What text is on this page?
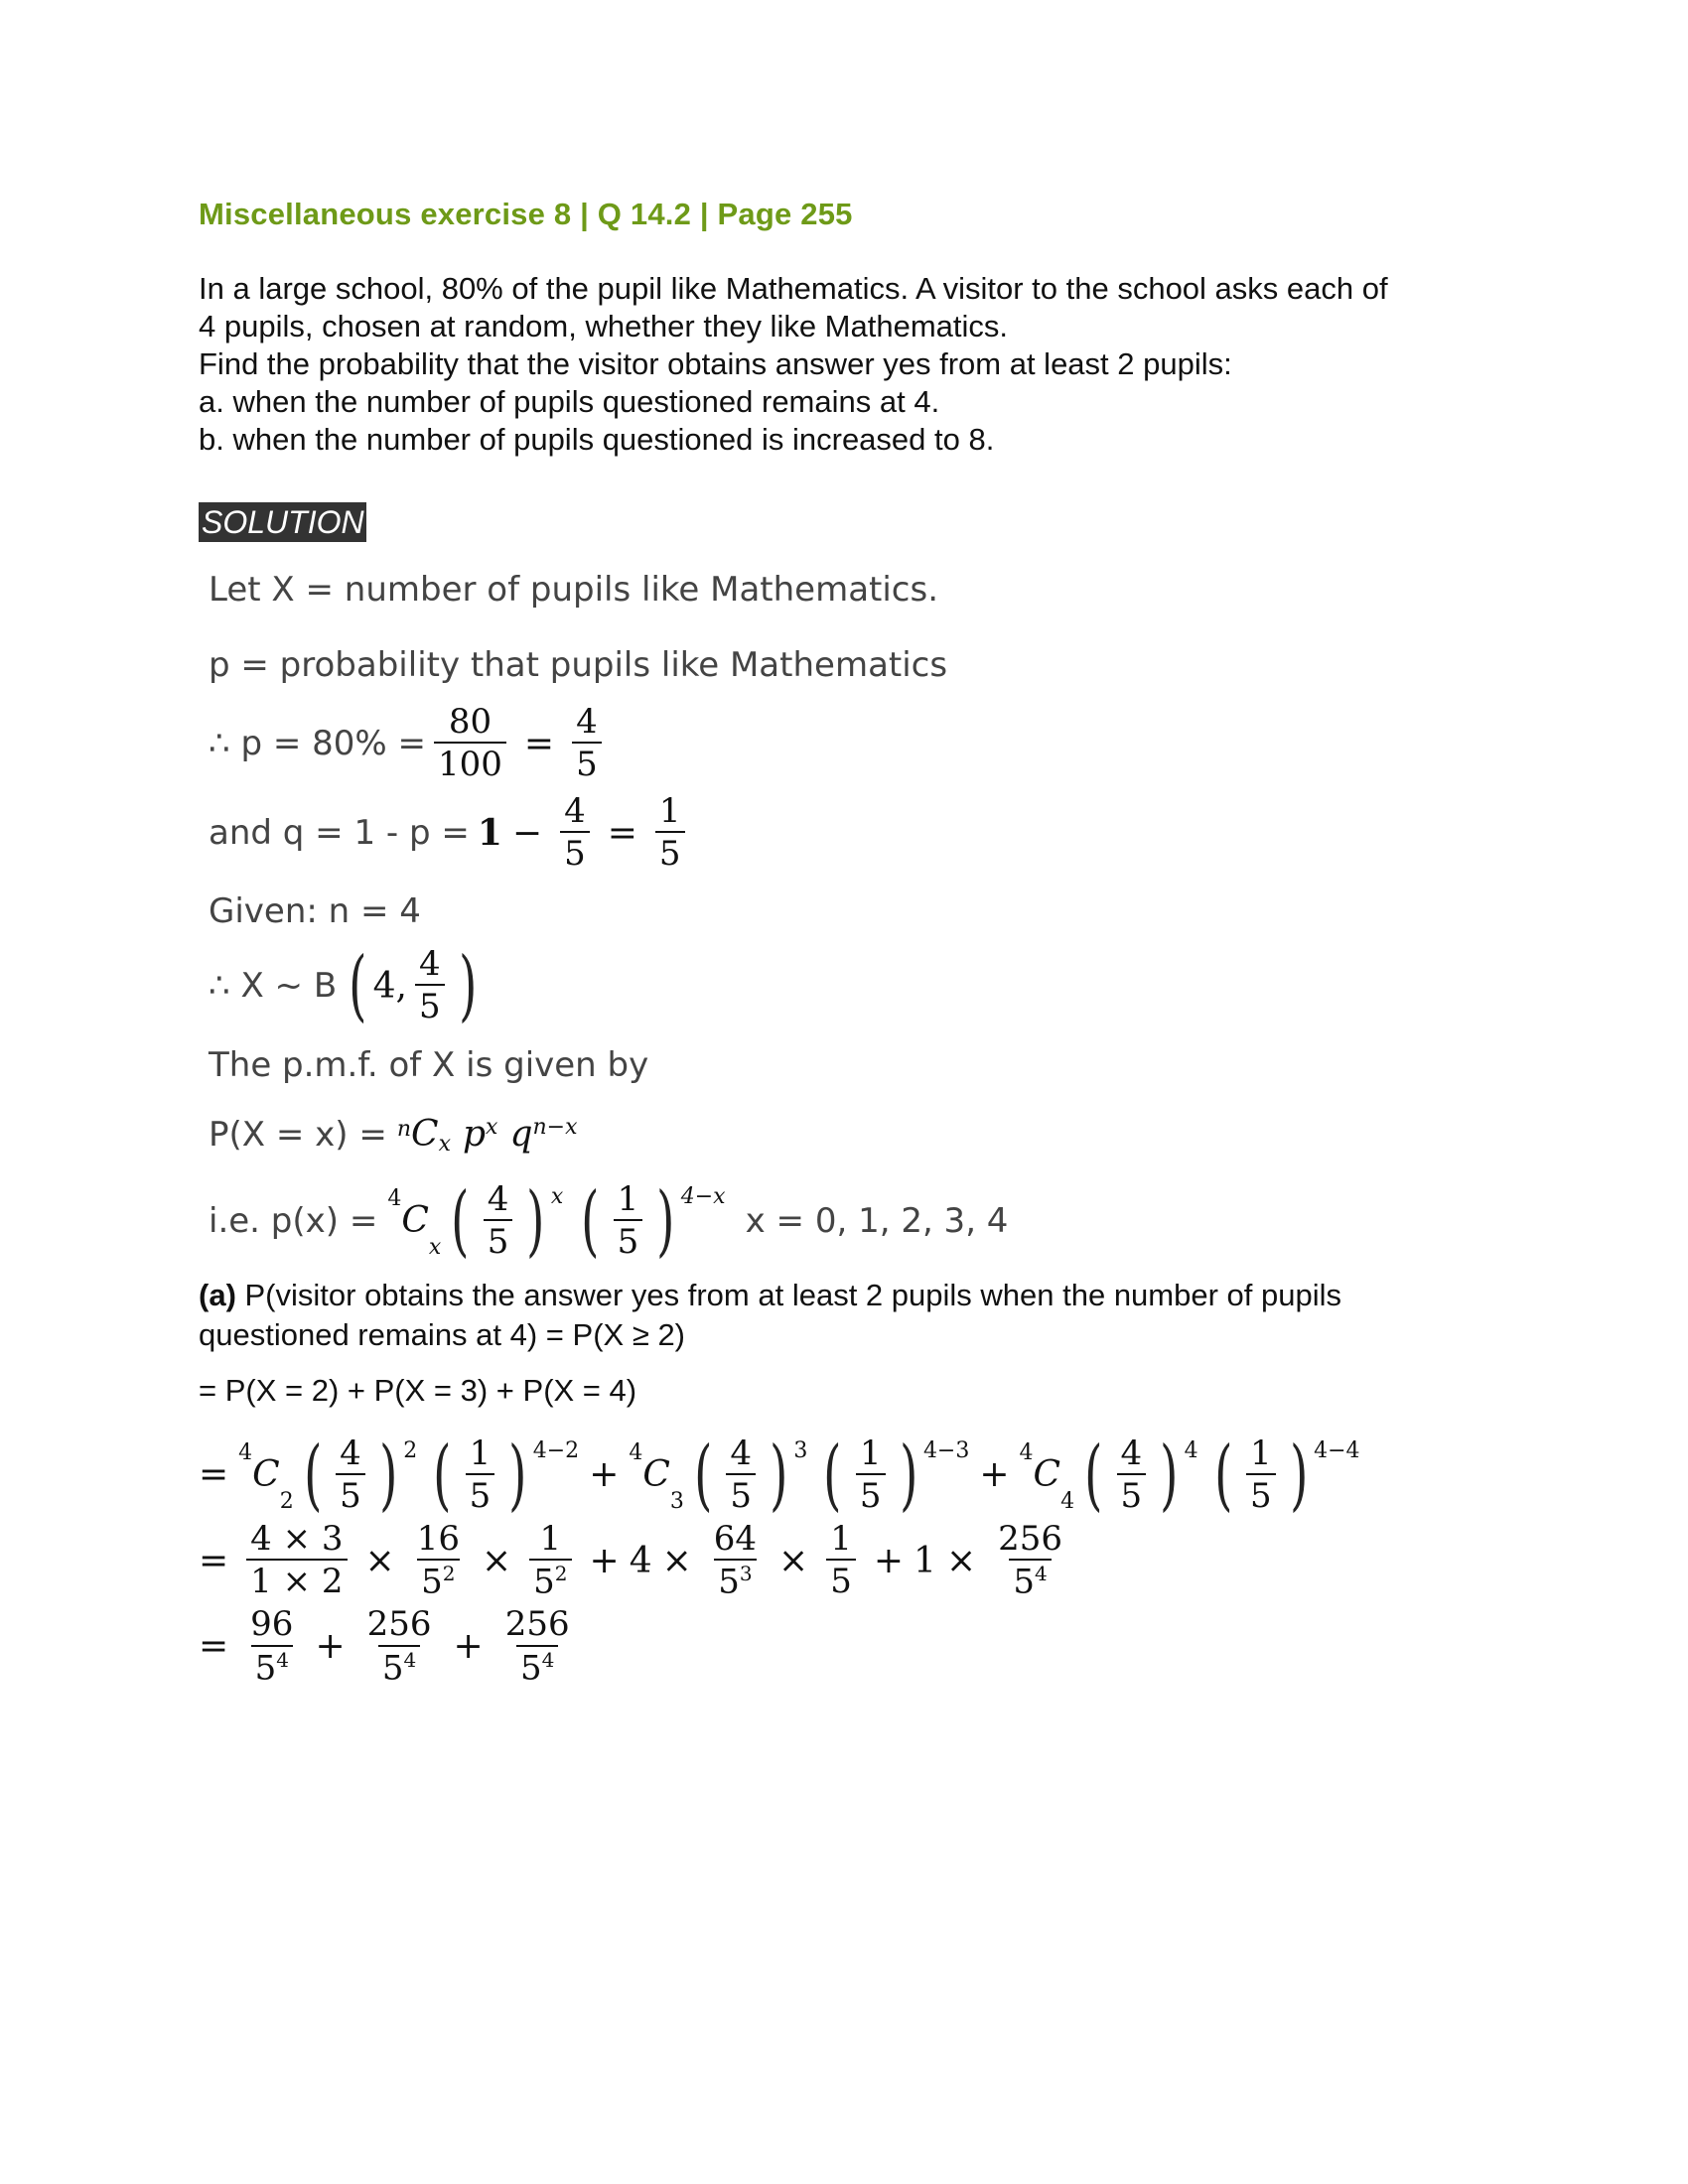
Miscellaneous exercise 8 | Q 14.2 | Page 255

In a large school, 80% of the pupil like Mathematics. A visitor to the school asks each of

4 pupils, chosen at random, whether they like Mathematics.

Find the probability that the visitor obtains answer yes from at least 2 pupils:

a. when the number of pupils questioned remains at 4.

b. when the number of pupils questioned is increased to 8.

SOLUTION
Let X = number of pupils like Mathematics.
p = probability that pupils like Mathematics
∴ $p = 80\% = \frac{80}{100} = \frac{4}{5}$
and $q = 1 - p = 1 - \frac{4}{5} = \frac{1}{5}$
Given: n = 4
∴ X ~ B ( 4, $\frac{4}{5}$ )
The p.m.f. of X is given by
P(X = x) = n C x p x q n−x
i.e. p(x) =
4
C
x ( $\frac{4}{5}$ ) x ( $\frac{1}{5}$ ) 4−x
x = 0, 1, 2, 3, 4
(a) P(visitor obtains the answer yes from at least 2 pupils when the number of pupils
questioned remains at 4) = P(X ≥ 2)
= P(X = 2) + P(X = 3) + P(X = 4)
=
4
C
2 ( $\frac{4}{5}$ ) 2 ( $\frac{1}{5}$ ) 4−2
+
4
C
3 ( $\frac{4}{5}$ ) 3 ( $\frac{1}{5}$ ) 4−3
+
4
C
4 ( $\frac{4}{5}$ ) 4 ( $\frac{1}{5}$ ) 4−4
= $\frac{4 \times 3}{1 \times 2} \times \frac{16}{5^2} \times \frac{1}{5^2} + 4 \times \frac{64}{5^3} \times \frac{1}{5} + 1 \times \frac{256}{5^4}$
= $\frac{96}{5^4} + \frac{256}{5^4} + \frac{256}{5^4}$
